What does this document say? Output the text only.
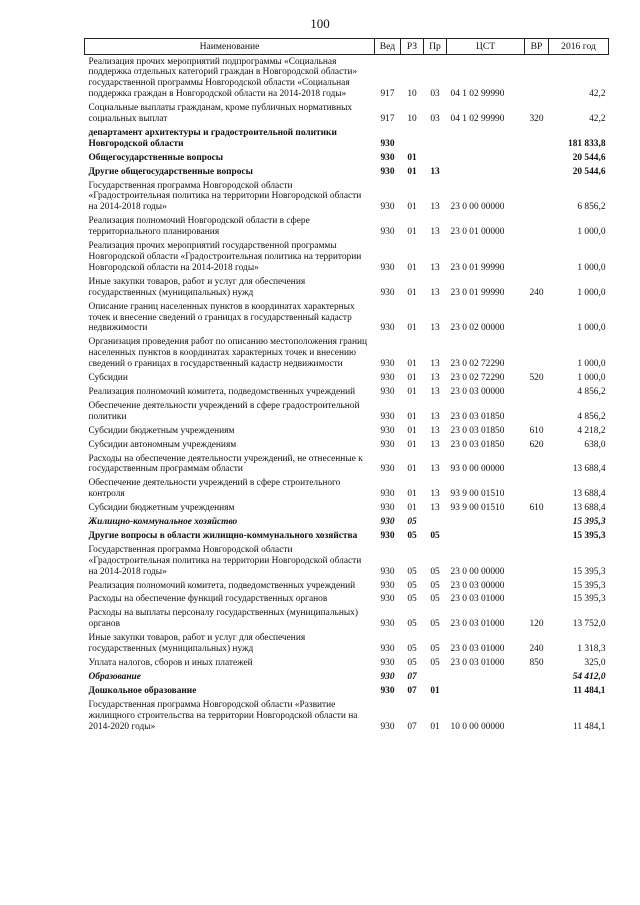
100
Наименование	Вед	РЗ	Пр	ЦСТ	ВР	2016 год
Реализация прочих мероприятий подпрограммы «Социальная поддержка отдельных категорий граждан в Новгородской области» государственной программы Новгородской области «Социальная поддержка граждан в Новгородской области на 2014-2018 годы»	917	10	03	04 1 02 99990		42,2
Социальные выплаты гражданам, кроме публичных нормативных социальных выплат	917	10	03	04 1 02 99990	320	42,2
департамент архитектуры и градостроительной политики Новгородской области	930					181 833,8
Общегосударственные вопросы	930	01				20 544,6
Другие общегосударственные вопросы	930	01	13			20 544,6
Государственная программа Новгородской области «Градостроительная политика на территории Новгородской области на 2014-2018 годы»	930	01	13	23 0 00 00000		6 856,2
Реализация полномочий Новгородской области в сфере территориального планирования	930	01	13	23 0 01 00000		1 000,0
Реализация прочих мероприятий государственной программы Новгородской области «Градостроительная политика на территории Новгородской области на 2014-2018 годы»	930	01	13	23 0 01 99990		1 000,0
Иные закупки товаров, работ и услуг для обеспечения государственных (муниципальных) нужд	930	01	13	23 0 01 99990	240	1 000,0
Описание границ населенных пунктов в координатах характерных точек и внесение сведений о границах в государственный кадастр недвижимости	930	01	13	23 0 02 00000		1 000,0
Организация проведения работ по описанию местоположения границ населенных пунктов в координатах характерных точек и внесению сведений о границах в государственный кадастр недвижимости	930	01	13	23 0 02 72290		1 000,0
Субсидии	930	01	13	23 0 02 72290	520	1 000,0
Реализация полномочий комитета, подведомственных учреждений	930	01	13	23 0 03 00000		4 856,2
Обеспечение деятельности учреждений в сфере градостроительной политики	930	01	13	23 0 03 01850		4 856,2
Субсидии бюджетным учреждениям	930	01	13	23 0 03 01850	610	4 218,2
Субсидии автономным учреждениям	930	01	13	23 0 03 01850	620	638,0
Расходы на обеспечение деятельности учреждений, не отнесенные к государственным программам области	930	01	13	93 0 00 00000		13 688,4
Обеспечение деятельности учреждений в сфере строительного контроля	930	01	13	93 9 00 01510		13 688,4
Субсидии бюджетным учреждениям	930	01	13	93 9 00 01510	610	13 688,4
Жилищно-коммунальное хозяйство	930	05				15 395,3
Другие вопросы в области жилищно-коммунального хозяйства	930	05	05			15 395,3
Государственная программа Новгородской области «Градостроительная политика на территории Новгородской области на 2014-2018 годы»	930	05	05	23 0 00 00000		15 395,3
Реализация полномочий комитета, подведомственных учреждений	930	05	05	23 0 03 00000		15 395,3
Расходы на обеспечение функций государственных органов	930	05	05	23 0 03 01000		15 395,3
Расходы на выплаты персоналу государственных (муниципальных) органов	930	05	05	23 0 03 01000	120	13 752,0
Иные закупки товаров, работ и услуг для обеспечения государственных (муниципальных) нужд	930	05	05	23 0 03 01000	240	1 318,3
Уплата налогов, сборов и иных платежей	930	05	05	23 0 03 01000	850	325,0
Образование	930	07				54 412,0
Дошкольное образование	930	07	01			11 484,1
Государственная программа Новгородской области «Развитие жилищного строительства на территории Новгородской области на 2014-2020 годы»	930	07	01	10 0 00 00000		11 484,1
